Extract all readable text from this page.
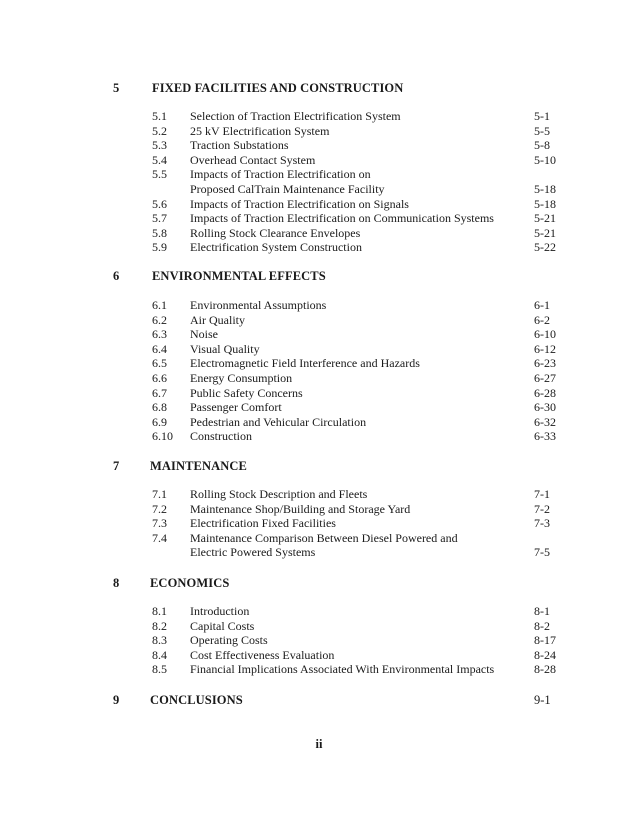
5	FIXED FACILITIES AND CONSTRUCTION
5.1 Selection of Traction Electrification System	5-1
5.2 25 kV Electrification System	5-5
5.3 Traction Substations	5-8
5.4 Overhead Contact System	5-10
5.5 Impacts of Traction Electrification on
Proposed CalTrain Maintenance Facility	5-18
5.6 Impacts of Traction Electrification on Signals	5-18
5.7 Impacts of Traction Electrification on Communication Systems	5-21
5.8 Rolling Stock Clearance Envelopes	5-21
5.9 Electrification System Construction	5-22
6	ENVIRONMENTAL EFFECTS
6.1 Environmental Assumptions	6-1
6.2 Air Quality	6-2
6.3 Noise	6-10
6.4 Visual Quality	6-12
6.5 Electromagnetic Field Interference and Hazards	6-23
6.6 Energy Consumption	6-27
6.7 Public Safety Concerns	6-28
6.8 Passenger Comfort	6-30
6.9 Pedestrian and Vehicular Circulation	6-32
6.10 Construction	6-33
7 MAINTENANCE
7.1 Rolling Stock Description and Fleets	7-1
7.2 Maintenance Shop/Building and Storage Yard	7-2
7.3 Electrification Fixed Facilities	7-3
7.4 Maintenance Comparison Between Diesel Powered and
Electric Powered Systems	7-5
8 ECONOMICS
8.1 Introduction	8-1
8.2 Capital Costs	8-2
8.3 Operating Costs	8-17
8.4 Cost Effectiveness Evaluation	8-24
8.5 Financial Implications Associated With Environmental Impacts	8-28
9 CONCLUSIONS	9-1
ii
